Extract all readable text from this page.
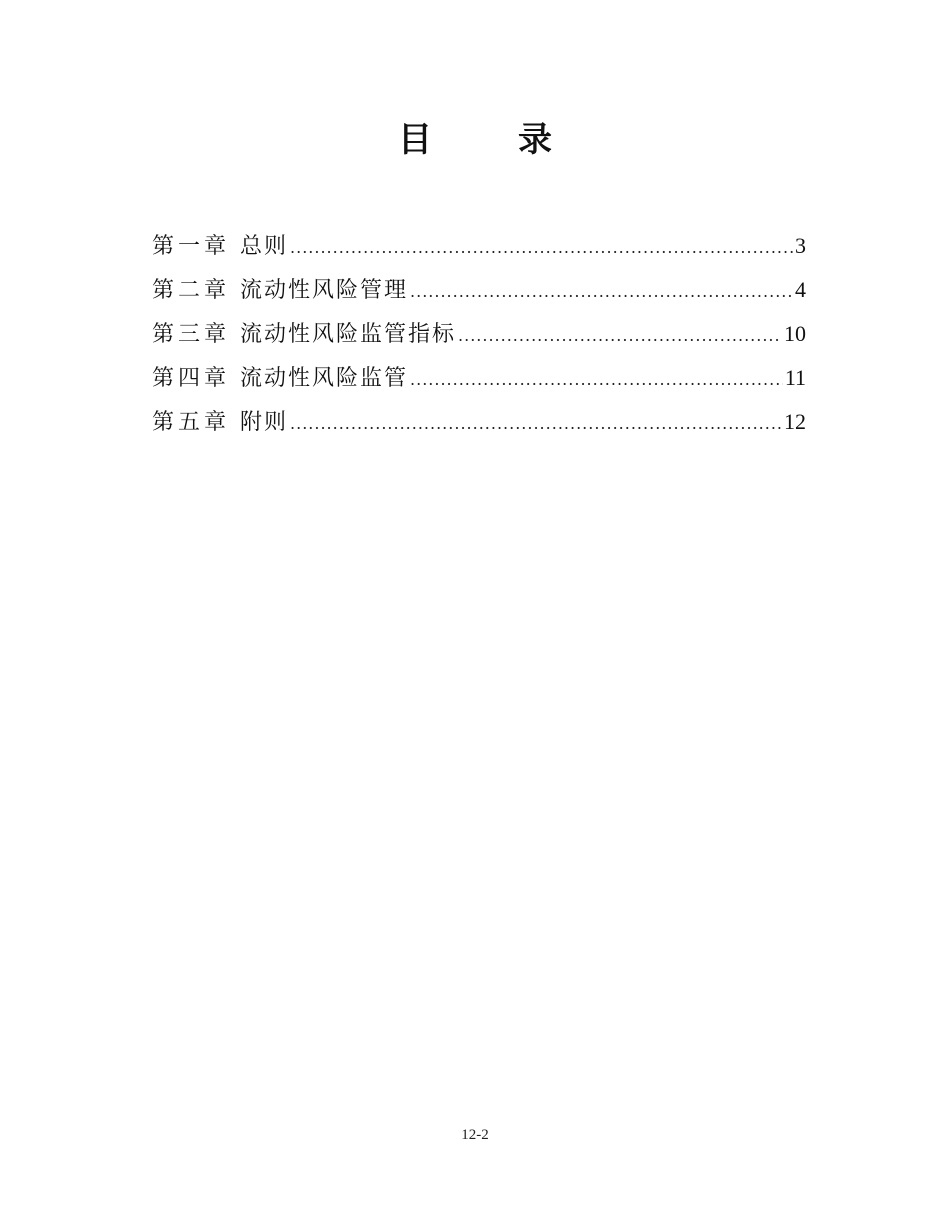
目　录
第一章 总则 .....	3
第二章 流动性风险管理 .....	4
第三章 流动性风险监管指标 .....	10
第四章 流动性风险监管 .....	11
第五章 附则 .....	12
12-2
